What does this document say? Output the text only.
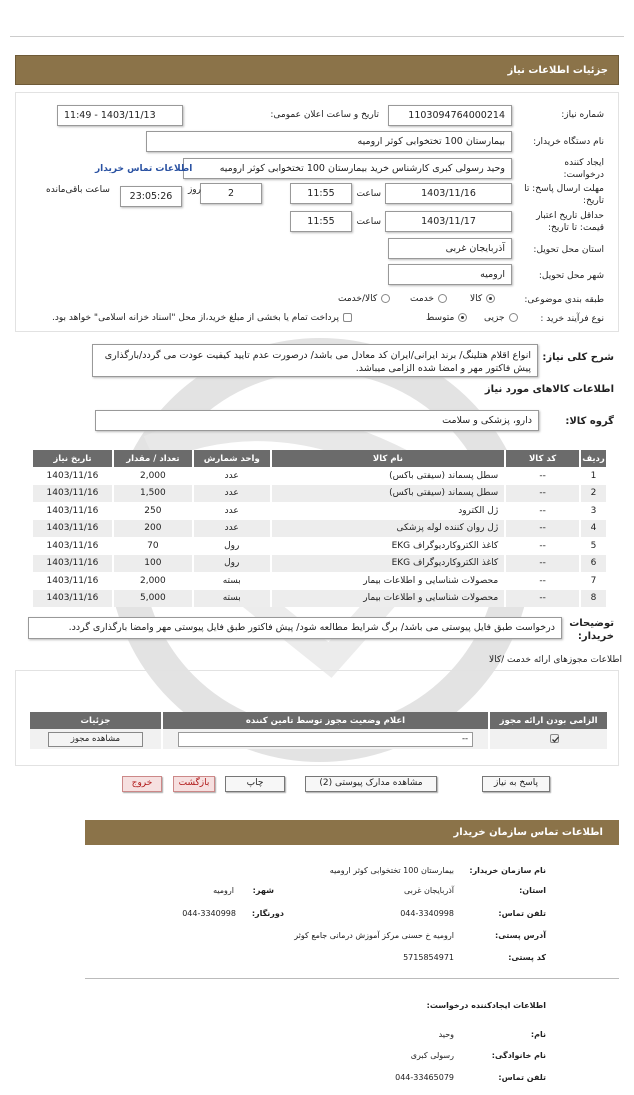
جزئیات اطلاعات نیاز
شماره نیاز:
1103094764000214
تاریخ و ساعت اعلان عمومی:
1403/11/13 - 11:49
نام دستگاه خریدار:
بیمارستان 100 تختخوابی کوثر ارومیه
ایجاد کننده درخواست:
وحید رسولی کبری کارشناس خرید بیمارستان 100 تختخوابی کوثر ارومیه
اطلاعات تماس خریدار
مهلت ارسال پاسخ: تا تاریخ:
1403/11/16
ساعت
11:55
2
روز
23:05:26
ساعت باقی‌مانده
حداقل تاریخ اعتبار قیمت: تا تاریخ:
1403/11/17
ساعت
11:55
استان محل تحویل:
آذربایجان غربی
شهر محل تحویل:
ارومیه
طبقه بندی موضوعی:
کالا
خدمت
کالا/خدمت
نوع فرآیند خرید :
جزیی
متوسط
پرداخت تمام یا بخشی از مبلغ خرید،از محل "اسناد خزانه اسلامی" خواهد بود.
شرح کلی نیاز:
انواع اقلام هتلینگ/ برند ایرانی/ایران کد معادل می باشد/ درصورت عدم تایید کیفیت عودت می گردد/بارگذاری پیش فاکتور مهر و امضا شده الزامی میباشد.
اطلاعات کالاهای مورد نیاز
گروه کالا:
دارو، پزشکی و سلامت
ردیف	کد کالا	نام کالا	واحد شمارش	تعداد / مقدار	تاریخ نیاز
1	--	سطل پسماند (سیفتی باکس)	عدد	2,000	1403/11/16
2	--	سطل پسماند (سیفتی باکس)	عدد	1,500	1403/11/16
3	--	ژل الکترود	عدد	250	1403/11/16
4	--	ژل روان کننده لوله پزشکی	عدد	200	1403/11/16
5	--	کاغذ الکتروکاردیوگراف EKG	رول	70	1403/11/16
6	--	کاغذ الکتروکاردیوگراف EKG	رول	100	1403/11/16
7	--	محصولات شناسایی و اطلاعات بیمار	بسته	2,000	1403/11/16
8	--	محصولات شناسایی و اطلاعات بیمار	بسته	5,000	1403/11/16
توضیحات خریدار:
درخواست طبق فایل پیوستی می باشد/ برگ شرایط مطالعه شود/ پیش فاکتور طبق فایل پیوستی مهر وامضا بارگذاری گردد.
اطلاعات مجوزهای ارائه خدمت /کالا
الزامی بودن ارائه مجوز	اعلام وضعیت مجوز توسط تامین کننده	جزئیات

--	مشاهده مجوز
پاسخ به نیاز
مشاهده مدارک پیوستی (2)
چاپ
بازگشت
خروج
اطلاعات تماس سازمان خریدار
نام سازمان خریدار:
بیمارستان 100 تختخوابی کوثر ارومیه
استان:
آذربایجان غربی
شهر:
ارومیه
تلفن تماس:
044-3340998
دورنگار:
044-3340998
آدرس پستی:
ارومیه خ حسنی مرکز آموزش درمانی جامع کوثر
کد پستی:
5715854971
اطلاعات ایجادکننده درخواست:
نام:
وحید
نام خانوادگی:
رسولی کبری
تلفن تماس:
044-33465079
